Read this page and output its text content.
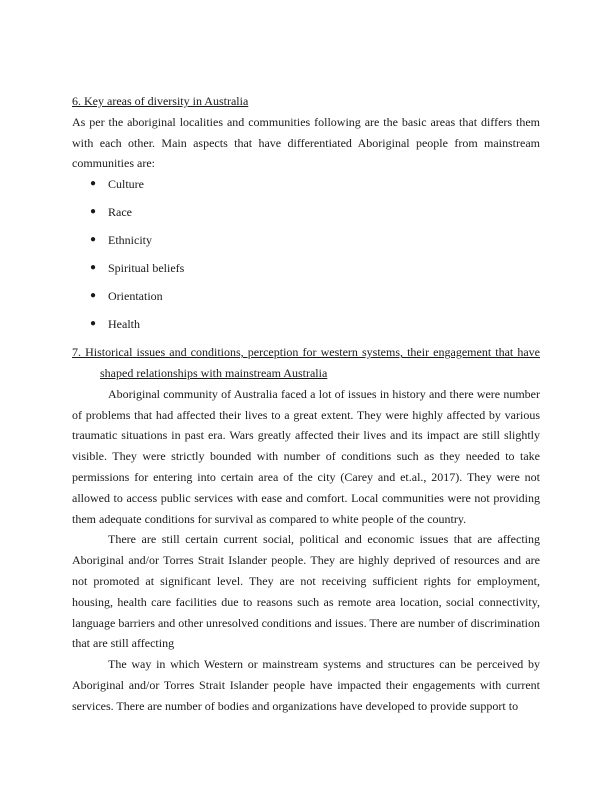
6. Key areas of diversity in Australia

As per the aboriginal localities and communities following are the basic areas that differs them with each other. Main aspects that have differentiated Aboriginal people from mainstream communities are:

● Culture
● Race
● Ethnicity
● Spiritual beliefs
● Orientation
● Health

7. Historical issues and conditions, perception for western systems, their engagement that have shaped relationships with mainstream Australia

Aboriginal community of Australia faced a lot of issues in history and there were number of problems that had affected their lives to a great extent. They were highly affected by various traumatic situations in past era. Wars greatly affected their lives and its impact are still slightly visible. They were strictly bounded with number of conditions such as they needed to take permissions for entering into certain area of the city (Carey and et.al., 2017). They were not allowed to access public services with ease and comfort. Local communities were not providing them adequate conditions for survival as compared to white people of the country.

There are still certain current social, political and economic issues that are affecting Aboriginal and/or Torres Strait Islander people. They are highly deprived of resources and are not promoted at significant level. They are not receiving sufficient rights for employment, housing, health care facilities due to reasons such as remote area location, social connectivity, language barriers and other unresolved conditions and issues. There are number of discrimination that are still affecting

The way in which Western or mainstream systems and structures can be perceived by Aboriginal and/or Torres Strait Islander people have impacted their engagements with current services. There are number of bodies and organizations have developed to provide support to
